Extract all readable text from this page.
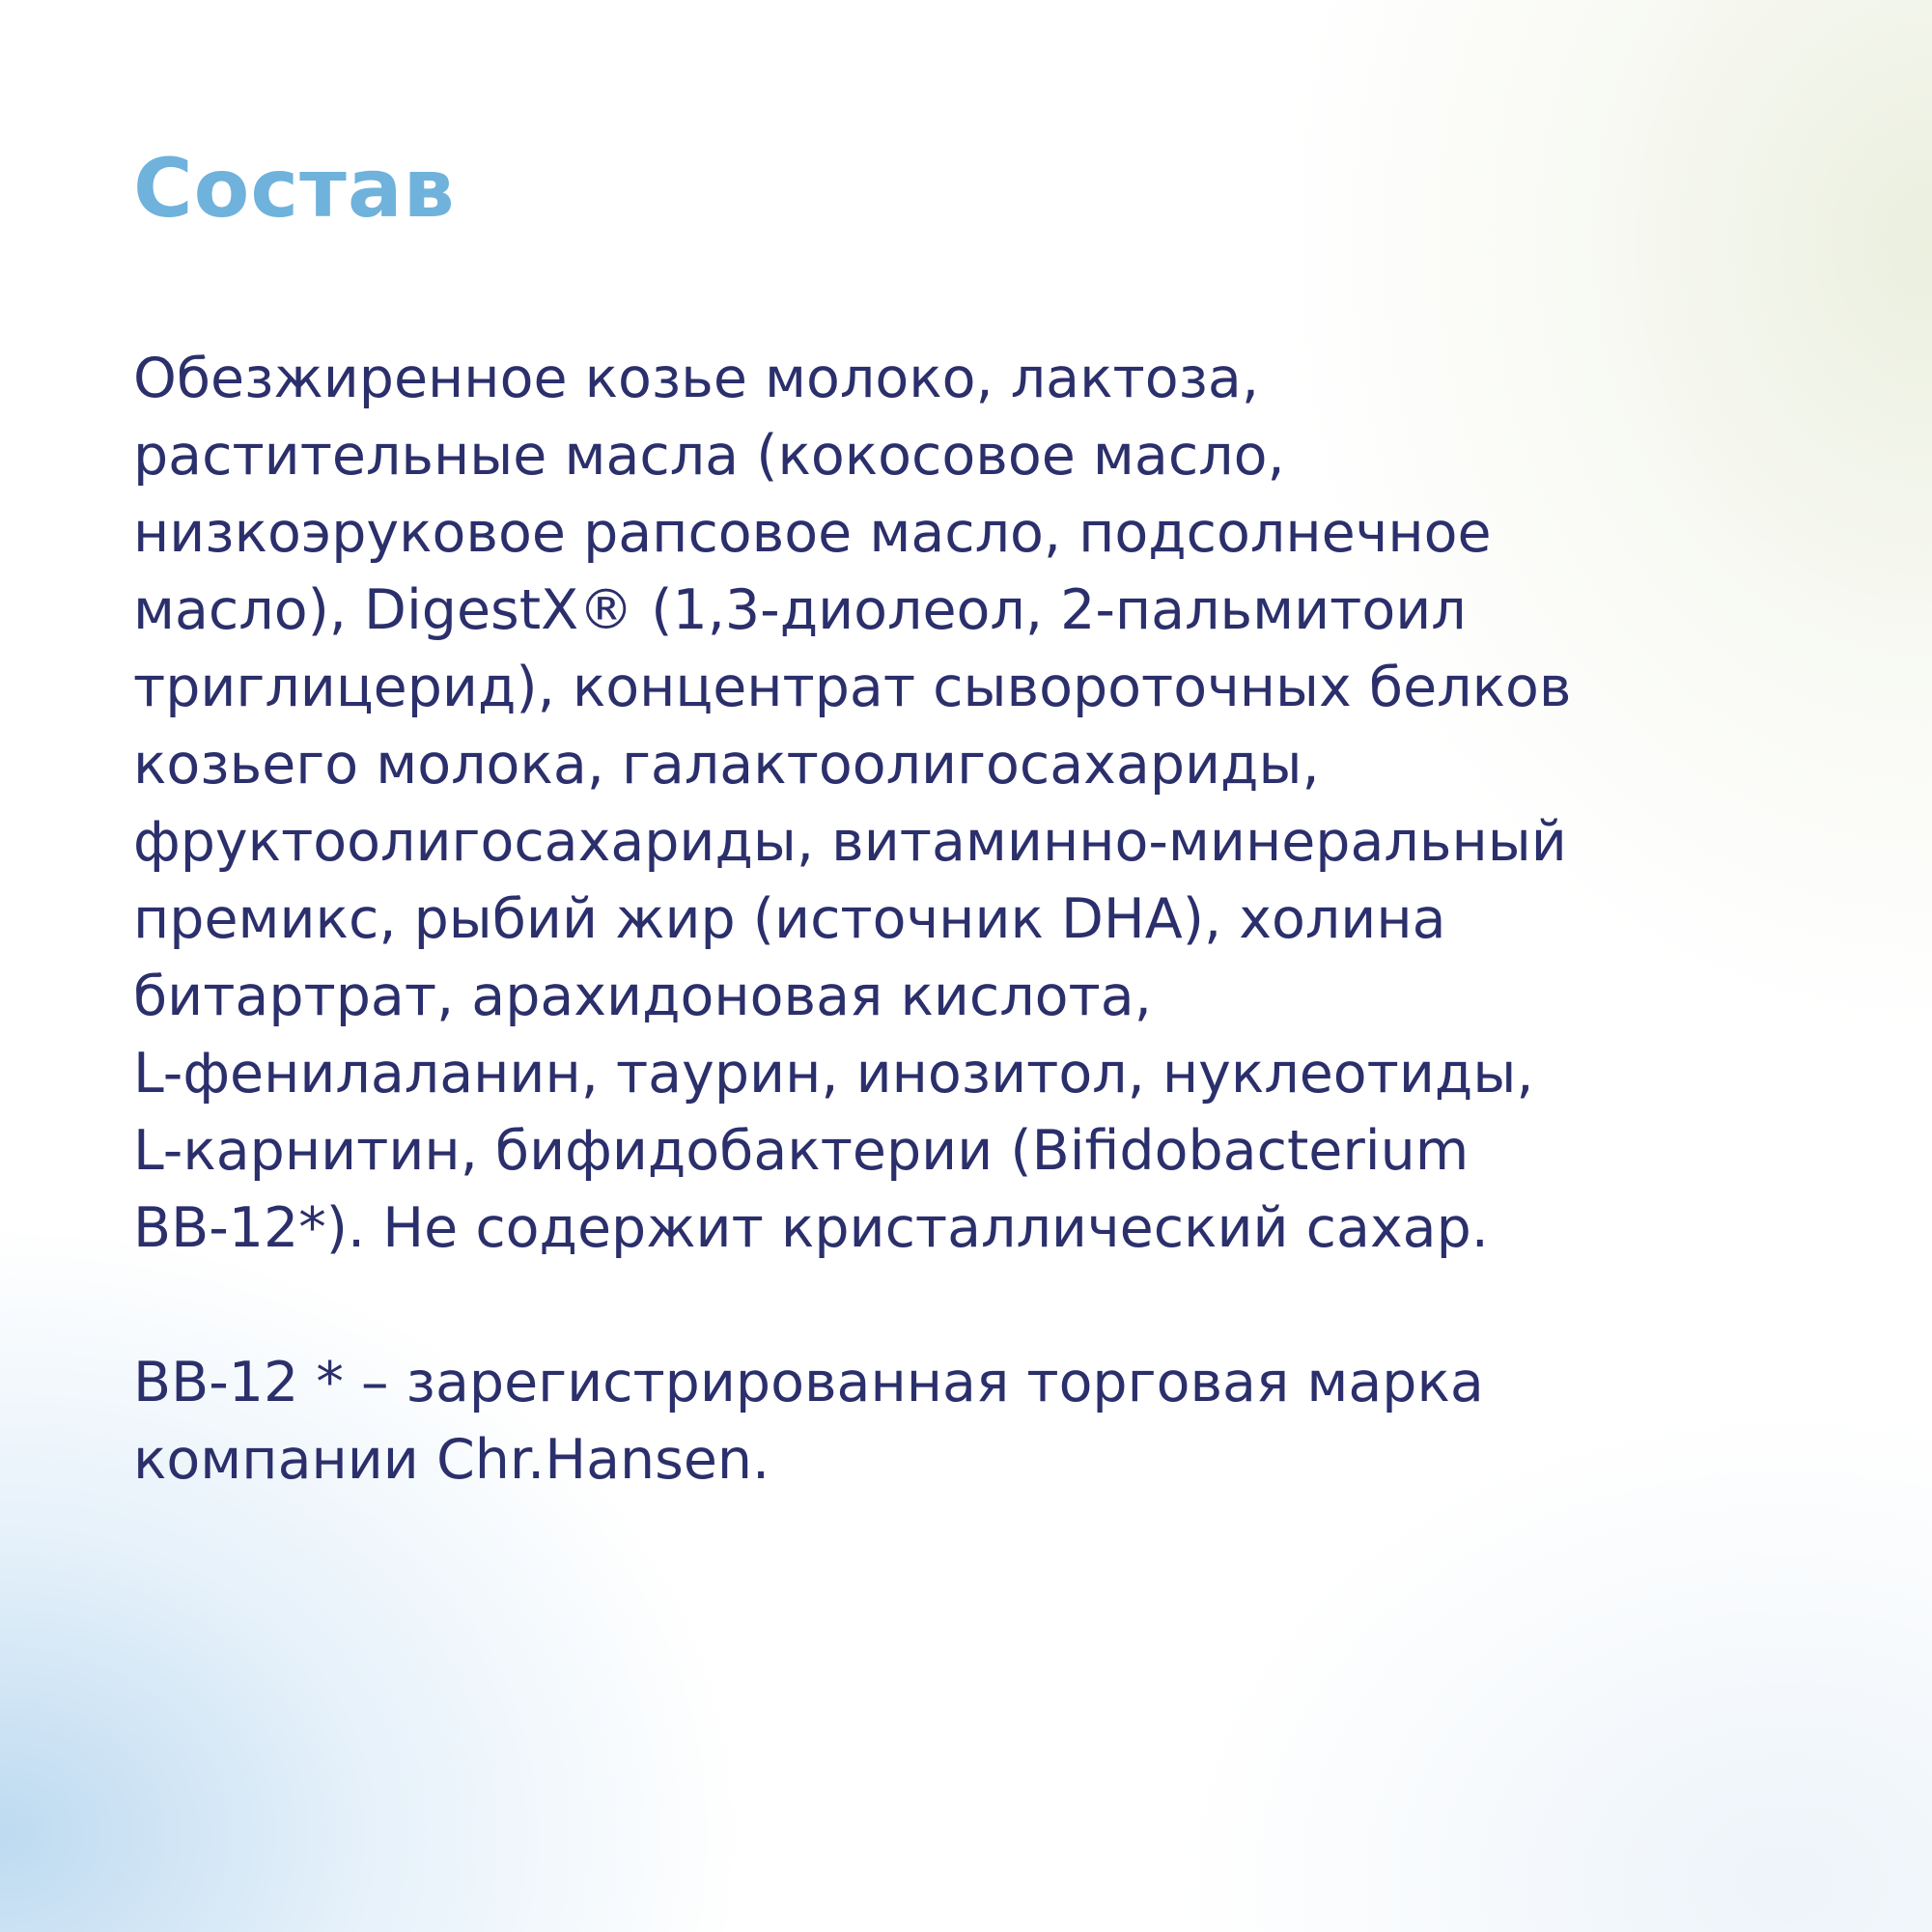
Состав
Обезжиренное козье молоко, лактоза,
растительные масла (кокосовое масло,
низкоэруковое рапсовое масло, подсолнечное
масло), DigestX® (1,3-диолеол, 2-пальмитоил
триглицерид), концентрат сывороточных белков
козьего молока, галактоолигосахариды,
фруктоолигосахариды, витаминно-минеральный
премикс, рыбий жир (источник DHA), холина
битартрат, арахидоновая кислота,
L-фенилаланин, таурин, инозитол, нуклеотиды,
L-карнитин, бифидобактерии (Bifidobacterium
BB-12*). Не содержит кристаллический сахар.
BB-12 * – зарегистрированная торговая марка
компании Chr.Hansen.
